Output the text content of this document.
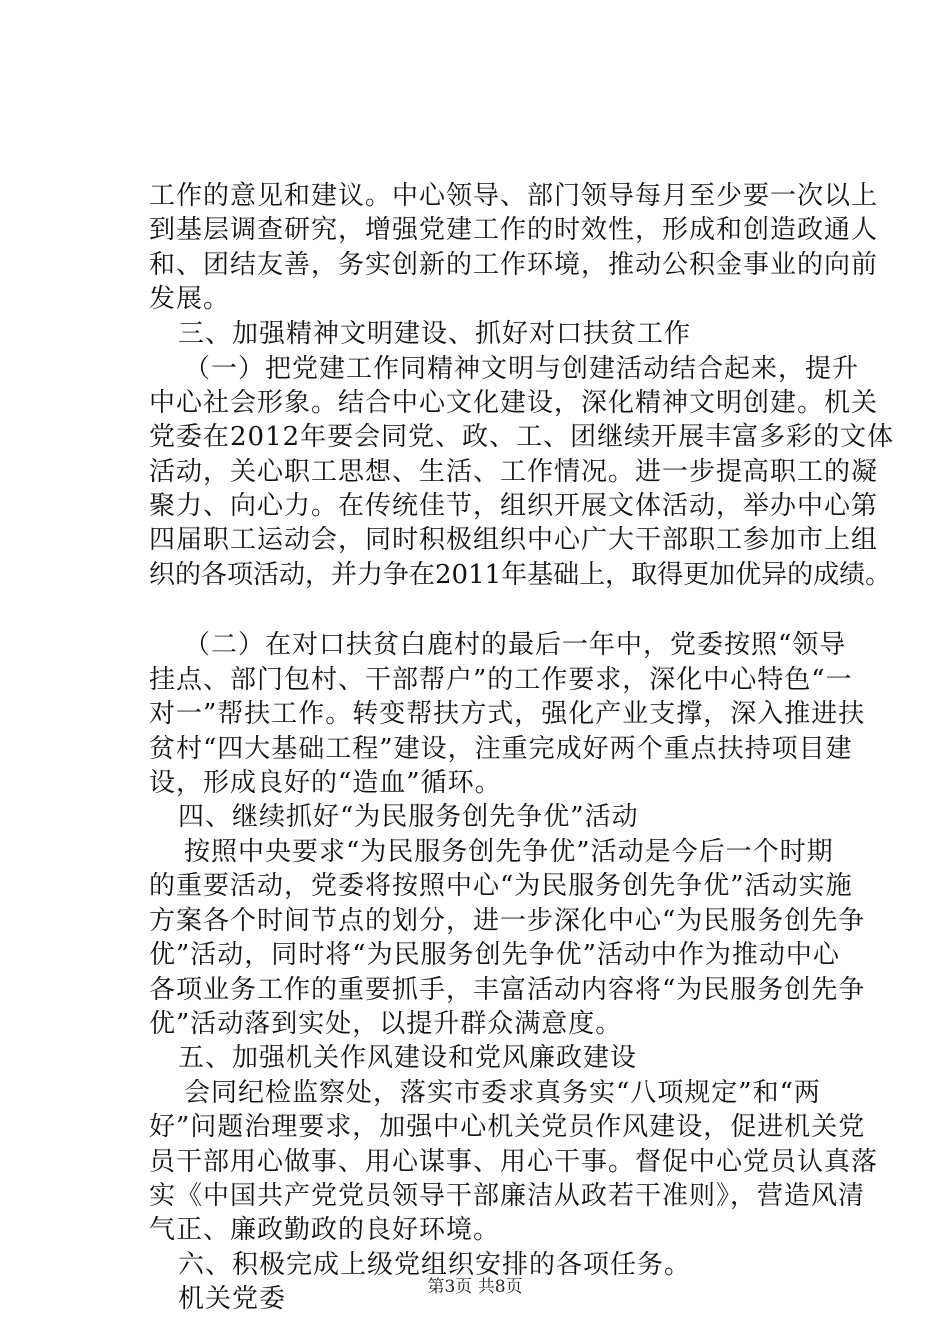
工作的意见和建议。中心领导、部门领导每月至少要一次以上
到基层调查研究，增强党建工作的时效性，形成和创造政通人
和、团结友善，务实创新的工作环境，推动公积金事业的向前
发展。
三、加强精神文明建设、抓好对口扶贫工作
（一）把党建工作同精神文明与创建活动结合起来，提升
中心社会形象。结合中心文化建设，深化精神文明创建。机关
党委在2012年要会同党、政、工、团继续开展丰富多彩的文体
活动，关心职工思想、生活、工作情况。进一步提高职工的凝
聚力、向心力。在传统佳节，组织开展文体活动，举办中心第
四届职工运动会，同时积极组织中心广大干部职工参加市上组
织的各项活动，并力争在2011年基础上，取得更加优异的成绩。
（二）在对口扶贫白鹿村的最后一年中，党委按照“领导
挂点、部门包村、干部帮户”的工作要求，深化中心特色“一
对一”帮扶工作。转变帮扶方式，强化产业支撑，深入推进扶
贫村“四大基础工程”建设，注重完成好两个重点扶持项目建
设，形成良好的“造血”循环。
四、继续抓好“为民服务创先争优”活动
按照中央要求“为民服务创先争优”活动是今后一个时期
的重要活动，党委将按照中心“为民服务创先争优”活动实施
方案各个时间节点的划分，进一步深化中心“为民服务创先争
优”活动，同时将“为民服务创先争优”活动中作为推动中心
各项业务工作的重要抓手，丰富活动内容将“为民服务创先争
优”活动落到实处，以提升群众满意度。
五、加强机关作风建设和党风廉政建设
会同纪检监察处，落实市委求真务实“八项规定”和“两
好”问题治理要求，加强中心机关党员作风建设，促进机关党
员干部用心做事、用心谋事、用心干事。督促中心党员认真落
实《中国共产党党员领导干部廉洁从政若干准则》，营造风清
气正、廉政勤政的良好环境。
六、积极完成上级党组织安排的各项任务。
机关党委	第3页 共8页
